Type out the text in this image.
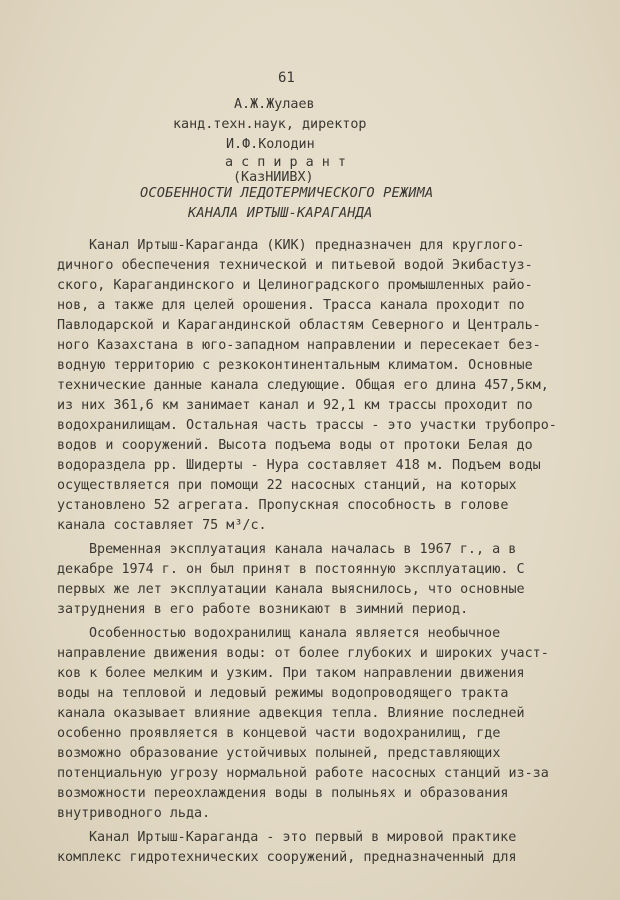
61
А.Ж.Жулаев
канд.техн.наук, директор
И.Ф.Колодин
а с п и р а н т
(КазНИИВХ)
ОСОБЕННОСТИ ЛЕДОТЕРМИЧЕСКОГО РЕЖИМА
КАНАЛА ИРТЫШ-КАРАГАНДА
Канал Иртыш-Караганда (КИК) предназначен для круглого-
дичного обеспечения технической и питьевой водой Экибастуз-
ского, Карагандинского и Целиноградского промышленных райо-
нов, а также для целей орошения. Трасса канала проходит по
Павлодарской и Карагандинской областям Северного и Централь-
ного Казахстана в юго-западном направлении и пересекает без-
водную территорию с резкоконтинентальным климатом. Основные
технические данные канала следующие. Общая его длина 457,5км,
из них 361,6 км занимает канал и 92,1 км трассы проходит по
водохранилищам. Остальная часть трассы - это участки трубопро-
водов и сооружений. Высота подъема воды от протоки Белая до
водораздела рр. Шидерты - Нура составляет 418 м. Подъем воды
осуществляется при помощи 22 насосных станций, на которых
установлено 52 агрегата. Пропускная способность в голове
канала составляет 75 м³/с.
Временная эксплуатация канала началась в 1967 г., а в
декабре 1974 г. он был принят в постоянную эксплуатацию. С
первых же лет эксплуатации канала выяснилось, что основные
затруднения в его работе возникают в зимний период.
Особенностью водохранилищ канала является необычное
направление движения воды: от более глубоких и широких участ-
ков к более мелким и узким. При таком направлении движения
воды на тепловой и ледовый режимы водопроводящего тракта
канала оказывает влияние адвекция тепла. Влияние последней
особенно проявляется в концевой части водохранилищ, где
возможно образование устойчивых полыней, представляющих
потенциальную угрозу нормальной работе насосных станций из-за
возможности переохлаждения воды в полыньях и образования
внутриводного льда.
Канал Иртыш-Караганда - это первый в мировой практике
комплекс гидротехнических сооружений, предназначенный для
